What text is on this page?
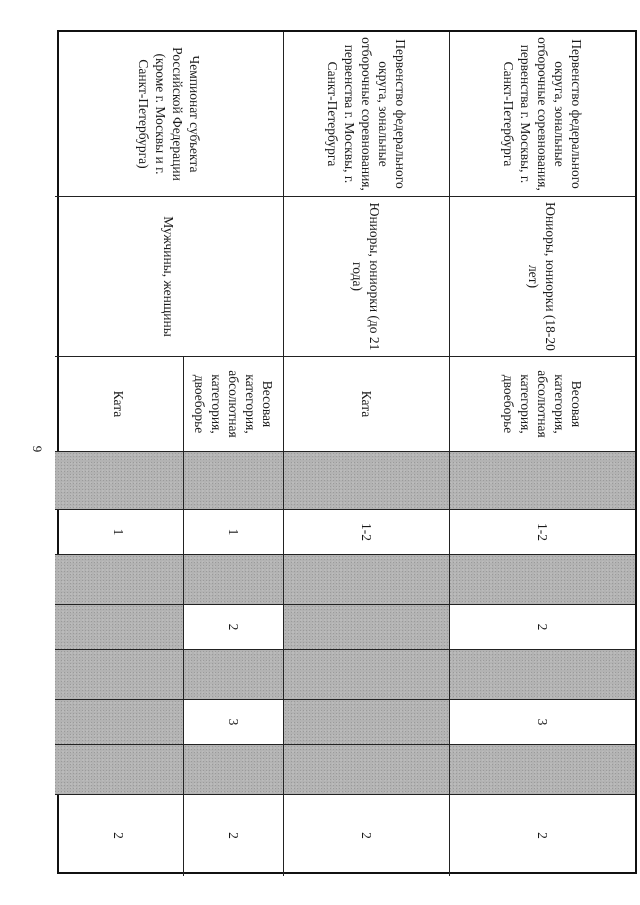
9
Первенство федерального округа, зональные отборочные соревнования, первенства г. Москвы, г. Санкт-Петербурга
Первенство федерального округа, зональные отборочные соревнования, первенства г. Москвы, г. Санкт-Петербурга
Чемпионат субъекта Российской Федерации (кроме г. Москвы и г. Санкт-Петербурга)
Юниоры, юниорки (18-20 лет)
Юниоры, юниорки (до 21 года)
Мужчины, женщины
Весовая категория, абсолютная категория, двоеборье
Ката
Весовая категория, абсолютная категория, двоеборье
Ката
1-2
2
3
2
1-2
2
1
2
3
2
1
2
